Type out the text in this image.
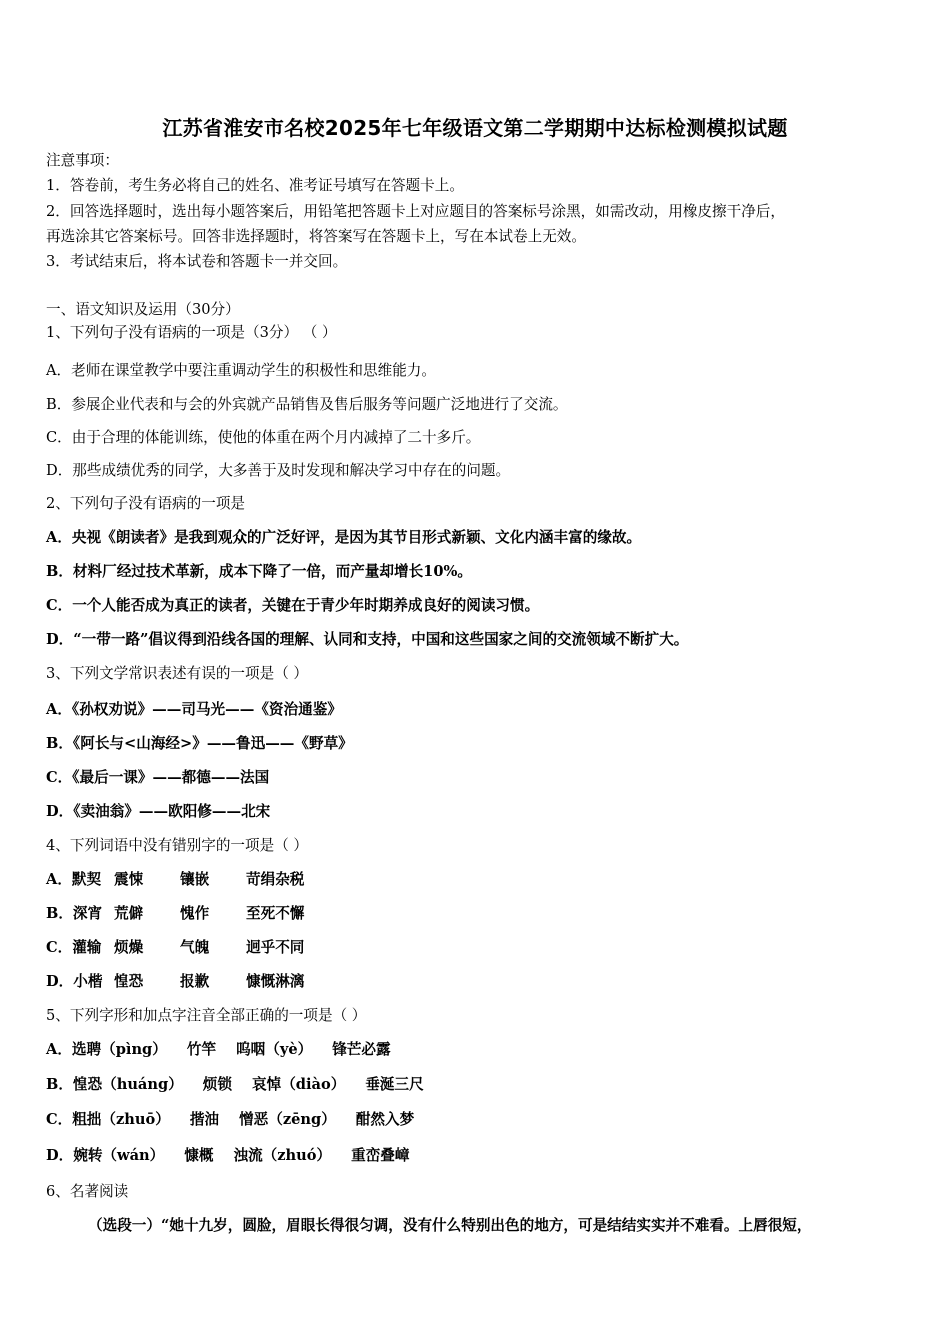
江苏省淮安市名校2025年七年级语文第二学期期中达标检测模拟试题
注意事项：
1．答卷前，考生务必将自己的姓名、准考证号填写在答题卡上。
2．回答选择题时，选出每小题答案后，用铅笔把答题卡上对应题目的答案标号涂黑，如需改动，用橡皮擦干净后，
再选涂其它答案标号。回答非选择题时，将答案写在答题卡上，写在本试卷上无效。
3．考试结束后，将本试卷和答题卡一并交回。
一、语文知识及运用（30分）
1、下列句子没有语病的一项是（3分） （ ）
A．老师在课堂教学中要注重调动学生的积极性和思维能力。
B．参展企业代表和与会的外宾就产品销售及售后服务等问题广泛地进行了交流。
C．由于合理的体能训练，使他的体重在两个月内减掉了二十多斤。
D．那些成绩优秀的同学，大多善于及时发现和解决学习中存在的问题。
2、下列句子没有语病的一项是
A．央视《朗读者》是我到观众的广泛好评，是因为其节目形式新颖、文化内涵丰富的缘故。
B．材料厂经过技术革新，成本下降了一倍，而产量却增长10%。
C．一个人能否成为真正的读者，关键在于青少年时期养成良好的阅读习惯。
D．“一带一路”倡议得到沿线各国的理解、认同和支持，中国和这些国家之间的交流领域不断扩大。
3、下列文学常识表述有误的一项是（ ）
A．《孙权劝说》——司马光——《资治通鉴》
B．《阿长与<山海经>》——鲁迅——《野草》
C．《最后一课》——都德——法国
D．《卖油翁》——欧阳修——北宋
4、下列词语中没有错别字的一项是（ ）
A．默契 震悚	镶嵌	苛绢杂税
B．深宵 荒僻	愧作	至死不懈
C．灌输 烦燥	气魄	迥乎不同
D．小楷 惶恐	报歉	慷慨淋漓
5、下列字形和加点字注音全部正确的一项是（ ）
A．选聘（pìng） 竹竿 呜咽（yè） 锋芒必露
B．惶恐（huáng） 烦锁 哀悼（diào） 垂涎三尺
C．粗拙（zhuō） 揩油 憎恶（zēng） 酣然入梦
D．婉转（wán） 慷概 浊流（zhuó） 重峦叠嶂
6、名著阅读
（选段一）“她十九岁，圆脸，眉眼长得很匀调，没有什么特别出色的地方，可是结结实实并不难看。上唇很短，
